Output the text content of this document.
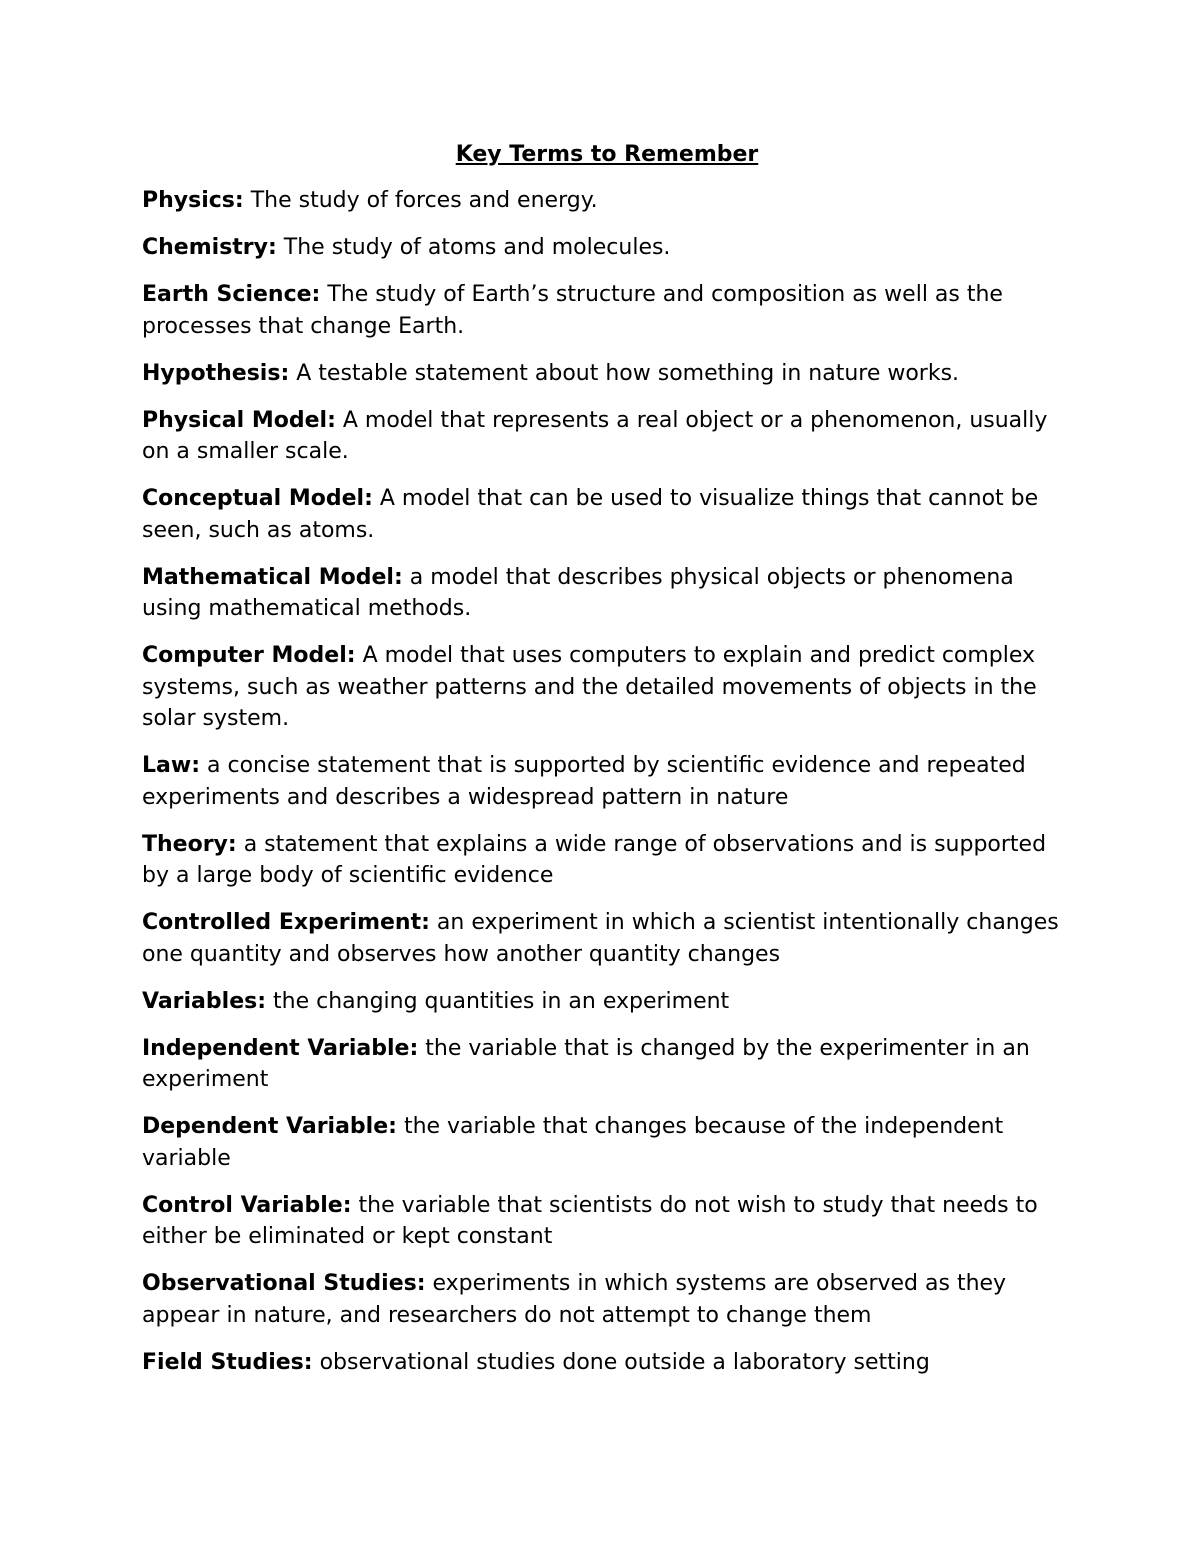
Key Terms to Remember

Physics: The study of forces and energy.

Chemistry: The study of atoms and molecules.

Earth Science: The study of Earth’s structure and composition as well as the processes that change Earth.

Hypothesis: A testable statement about how something in nature works.

Physical Model: A model that represents a real object or a phenomenon, usually on a smaller scale.

Conceptual Model: A model that can be used to visualize things that cannot be seen, such as atoms.

Mathematical Model: a model that describes physical objects or phenomena using mathematical methods.

Computer Model: A model that uses computers to explain and predict complex systems, such as weather patterns and the detailed movements of objects in the solar system.

Law: a concise statement that is supported by scientific evidence and repeated experiments and describes a widespread pattern in nature

Theory: a statement that explains a wide range of observations and is supported by a large body of scientific evidence

Controlled Experiment: an experiment in which a scientist intentionally changes one quantity and observes how another quantity changes

Variables: the changing quantities in an experiment

Independent Variable: the variable that is changed by the experimenter in an experiment

Dependent Variable: the variable that changes because of the independent variable

Control Variable: the variable that scientists do not wish to study that needs to either be eliminated or kept constant

Observational Studies: experiments in which systems are observed as they appear in nature, and researchers do not attempt to change them

Field Studies: observational studies done outside a laboratory setting
